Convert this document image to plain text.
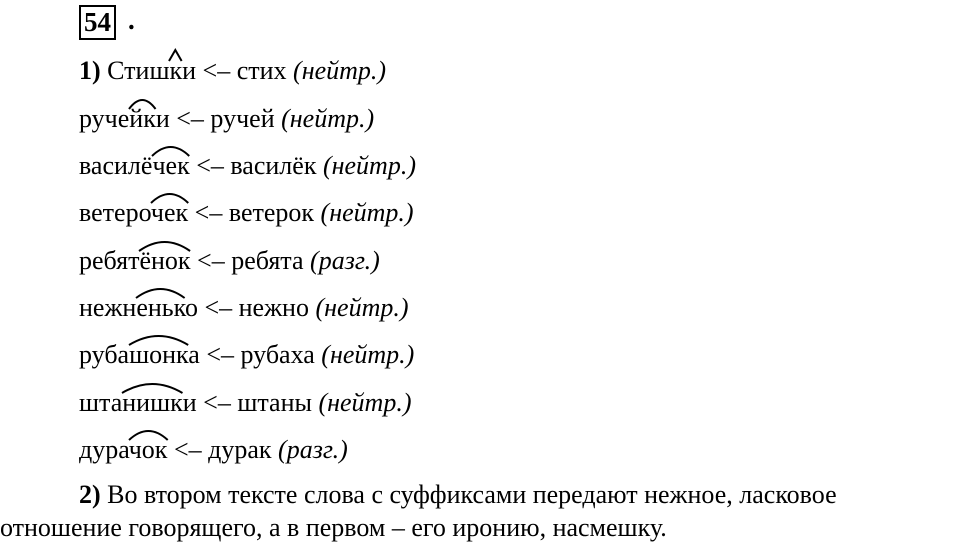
54 .
1) Стишки <– стих (нейтр.)
ручейки <– ручей (нейтр.)
василёчек <– василёк (нейтр.)
ветерочек <– ветерок (нейтр.)
ребятёнок <– ребята (разг.)
нежненько <– нежно (нейтр.)
рубашонка <– рубаха (нейтр.)
штанишки <– штаны (нейтр.)
дурачок <– дурак (разг.)

2) Во втором тексте слова с суффиксами передают нежное, ласковое

отношение говорящего, а в первом – его иронию, насмешку.
